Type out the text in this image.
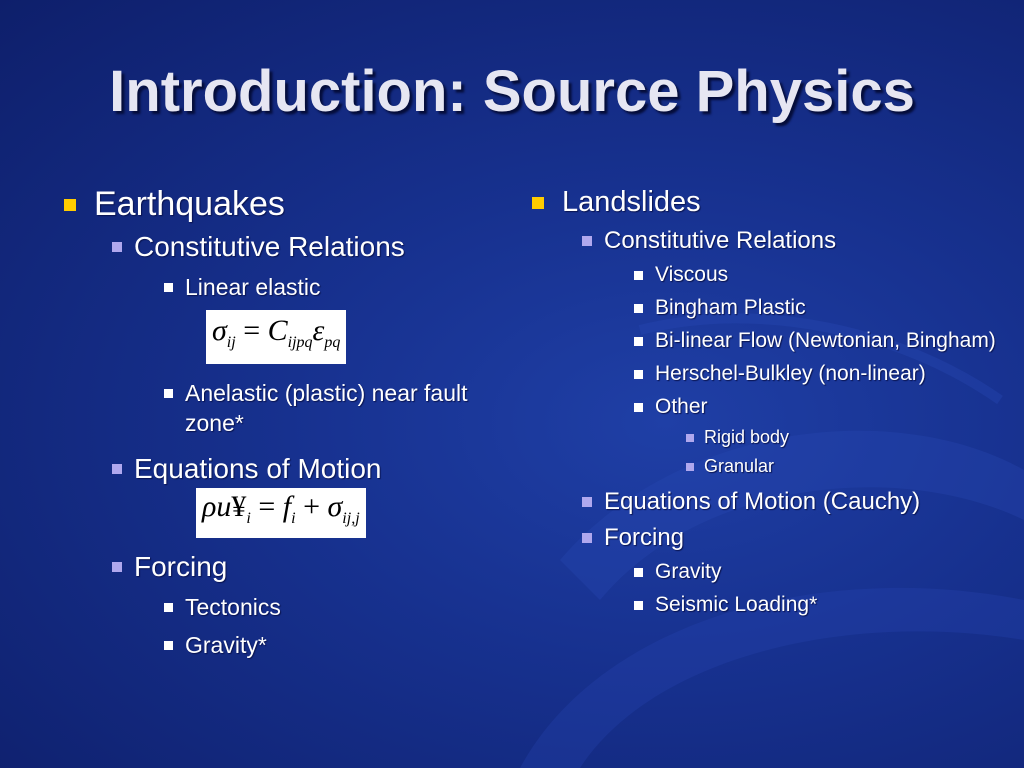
Introduction: Source Physics
Earthquakes
Constitutive Relations
Linear elastic
$\sigma_{ij} = C_{ijpq}\varepsilon_{pq}$
Anelastic (plastic) near fault zone*
Equations of Motion
$\rho u¥_i = f_i + \sigma_{ij,j}$
Forcing
Tectonics
Gravity*
Landslides
Constitutive Relations
Viscous
Bingham Plastic
Bi-linear Flow (Newtonian, Bingham)
Herschel-Bulkley (non-linear)
Other
Rigid body
Granular
Equations of Motion (Cauchy)
Forcing
Gravity
Seismic Loading*
